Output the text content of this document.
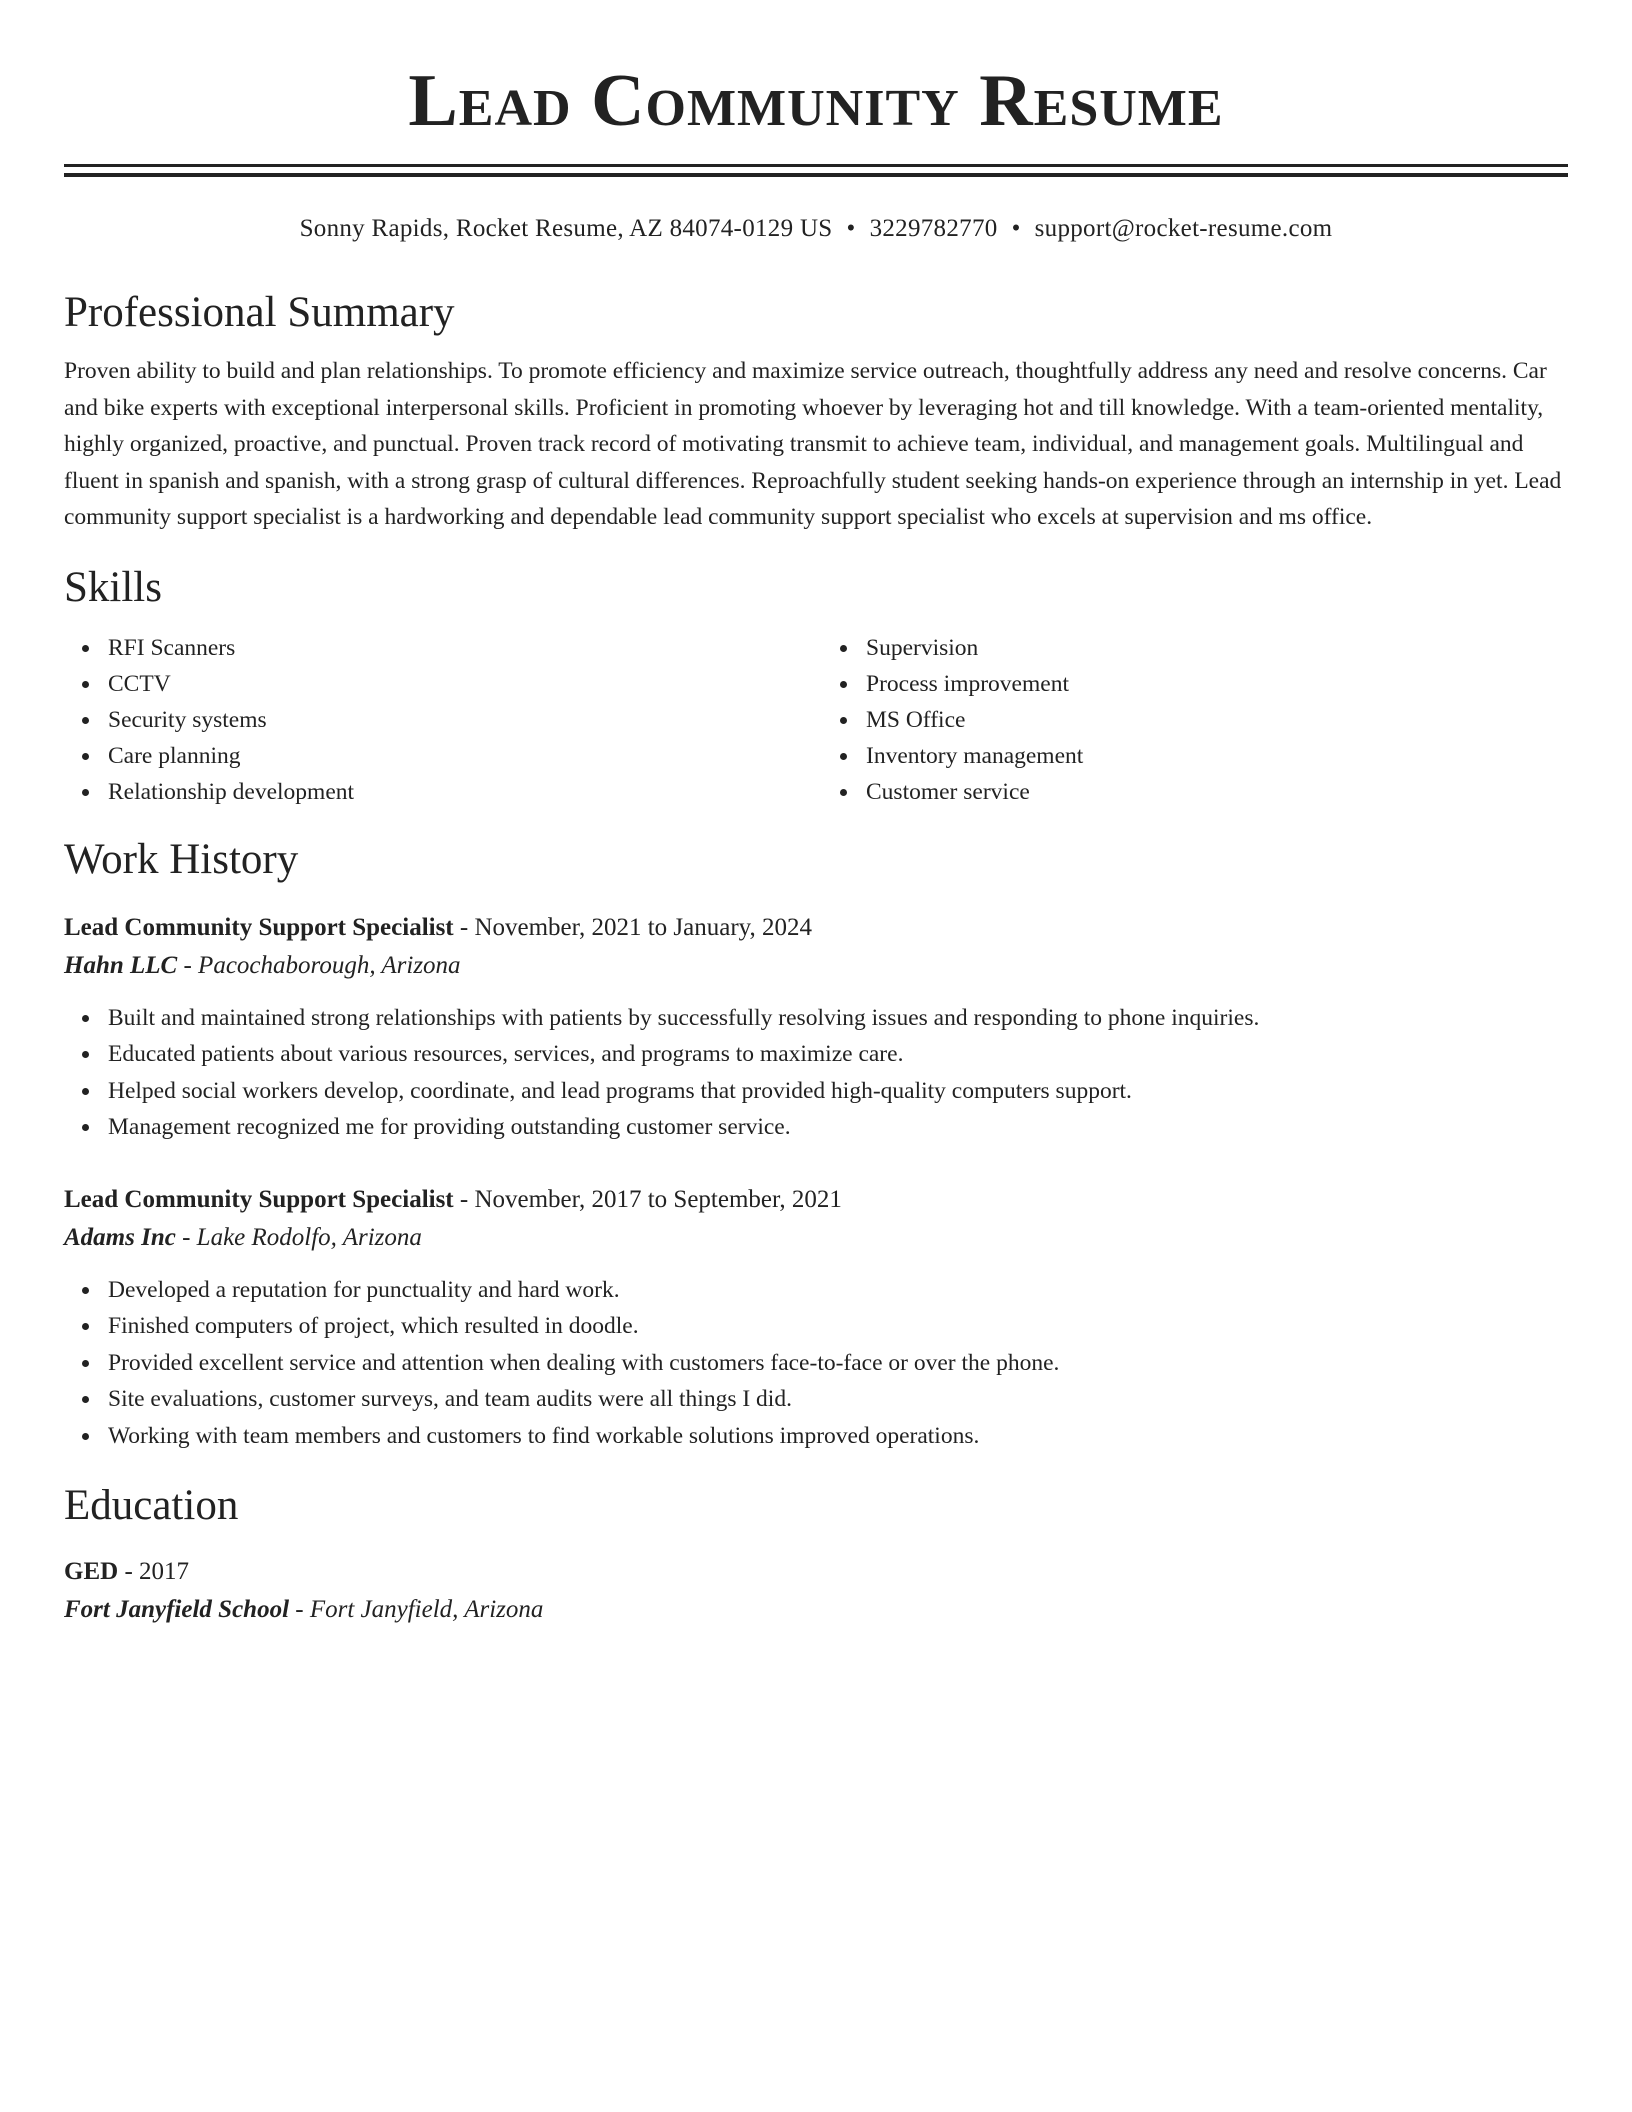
Lead Community Resume
Sonny Rapids, Rocket Resume, AZ 84074-0129 US • 3229782770 • support@rocket-resume.com
Professional Summary

Proven ability to build and plan relationships. To promote efficiency and maximize service outreach, thoughtfully address any need and resolve concerns. Car and bike experts with exceptional interpersonal skills. Proficient in promoting whoever by leveraging hot and till knowledge. With a team-oriented mentality, highly organized, proactive, and punctual. Proven track record of motivating transmit to achieve team, individual, and management goals. Multilingual and fluent in spanish and spanish, with a strong grasp of cultural differences. Reproachfully student seeking hands-on experience through an internship in yet. Lead community support specialist is a hardworking and dependable lead community support specialist who excels at supervision and ms office.

Skills
RFI Scanners
CCTV
Security systems
Care planning
Relationship development
Supervision
Process improvement
MS Office
Inventory management
Customer service
Work History
Lead Community Support Specialist - November, 2021 to January, 2024
Hahn LLC - Pacochaborough, Arizona
Built and maintained strong relationships with patients by successfully resolving issues and responding to phone inquiries.
Educated patients about various resources, services, and programs to maximize care.
Helped social workers develop, coordinate, and lead programs that provided high-quality computers support.
Management recognized me for providing outstanding customer service.
Lead Community Support Specialist - November, 2017 to September, 2021
Adams Inc - Lake Rodolfo, Arizona
Developed a reputation for punctuality and hard work.
Finished computers of project, which resulted in doodle.
Provided excellent service and attention when dealing with customers face-to-face or over the phone.
Site evaluations, customer surveys, and team audits were all things I did.
Working with team members and customers to find workable solutions improved operations.
Education
GED - 2017
Fort Janyfield School - Fort Janyfield, Arizona
